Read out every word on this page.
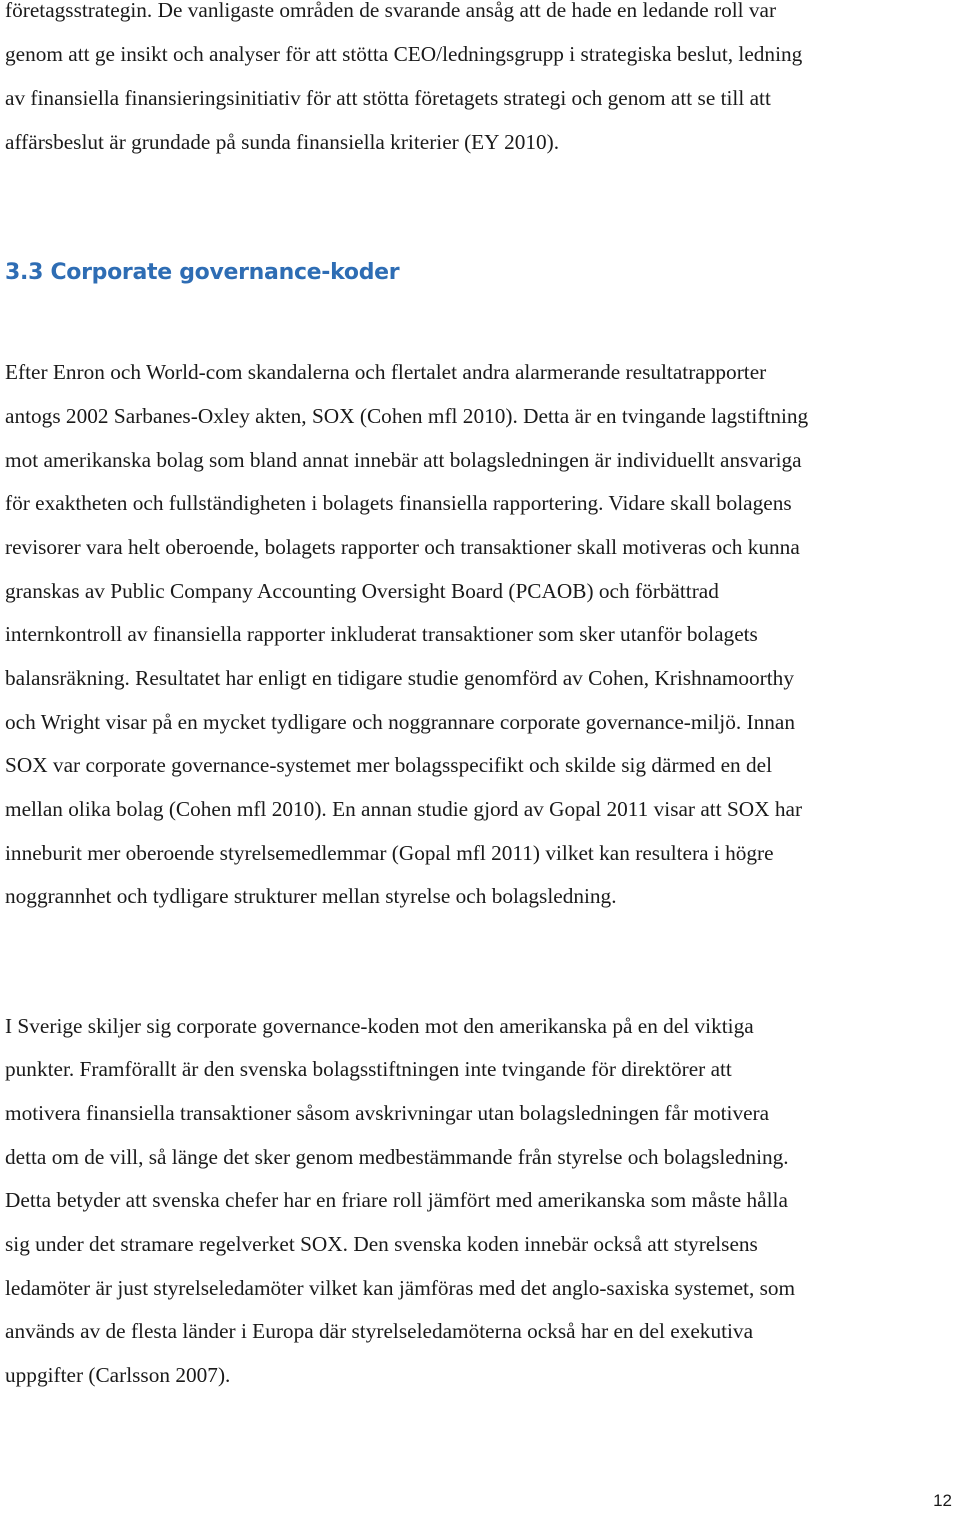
företagsstrategin. De vanligaste områden de svarande ansåg att de hade en ledande roll var

genom att ge insikt och analyser för att stötta CEO/ledningsgrupp i strategiska beslut, ledning

av finansiella finansieringsinitiativ för att stötta företagets strategi och genom att se till att

affärsbeslut är grundade på sunda finansiella kriterier (EY 2010).

3.3 Corporate governance-koder

Efter Enron och World-com skandalerna och flertalet andra alarmerande resultatrapporter

antogs 2002 Sarbanes-Oxley akten, SOX (Cohen mfl 2010). Detta är en tvingande lagstiftning

mot amerikanska bolag som bland annat innebär att bolagsledningen är individuellt ansvariga

för exaktheten och fullständigheten i bolagets finansiella rapportering. Vidare skall bolagens

revisorer vara helt oberoende, bolagets rapporter och transaktioner skall motiveras och kunna

granskas av Public Company Accounting Oversight Board (PCAOB) och förbättrad

internkontroll av finansiella rapporter inkluderat transaktioner som sker utanför bolagets

balansräkning. Resultatet har enligt en tidigare studie genomförd av Cohen, Krishnamoorthy

och Wright visar på en mycket tydligare och noggrannare corporate governance-miljö. Innan

SOX var corporate governance-systemet mer bolagsspecifikt och skilde sig därmed en del

mellan olika bolag (Cohen mfl 2010). En annan studie gjord av Gopal 2011 visar att SOX har

inneburit mer oberoende styrelsemedlemmar (Gopal mfl 2011) vilket kan resultera i högre

noggrannhet och tydligare strukturer mellan styrelse och bolagsledning.

I Sverige skiljer sig corporate governance-koden mot den amerikanska på en del viktiga

punkter. Framförallt är den svenska bolagsstiftningen inte tvingande för direktörer att

motivera finansiella transaktioner såsom avskrivningar utan bolagsledningen får motivera

detta om de vill, så länge det sker genom medbestämmande från styrelse och bolagsledning.

Detta betyder att svenska chefer har en friare roll jämfört med amerikanska som måste hålla

sig under det stramare regelverket SOX. Den svenska koden innebär också att styrelsens

ledamöter är just styrelseledamöter vilket kan jämföras med det anglo-saxiska systemet, som

används av de flesta länder i Europa där styrelseledamöterna också har en del exekutiva

uppgifter (Carlsson 2007).

12
